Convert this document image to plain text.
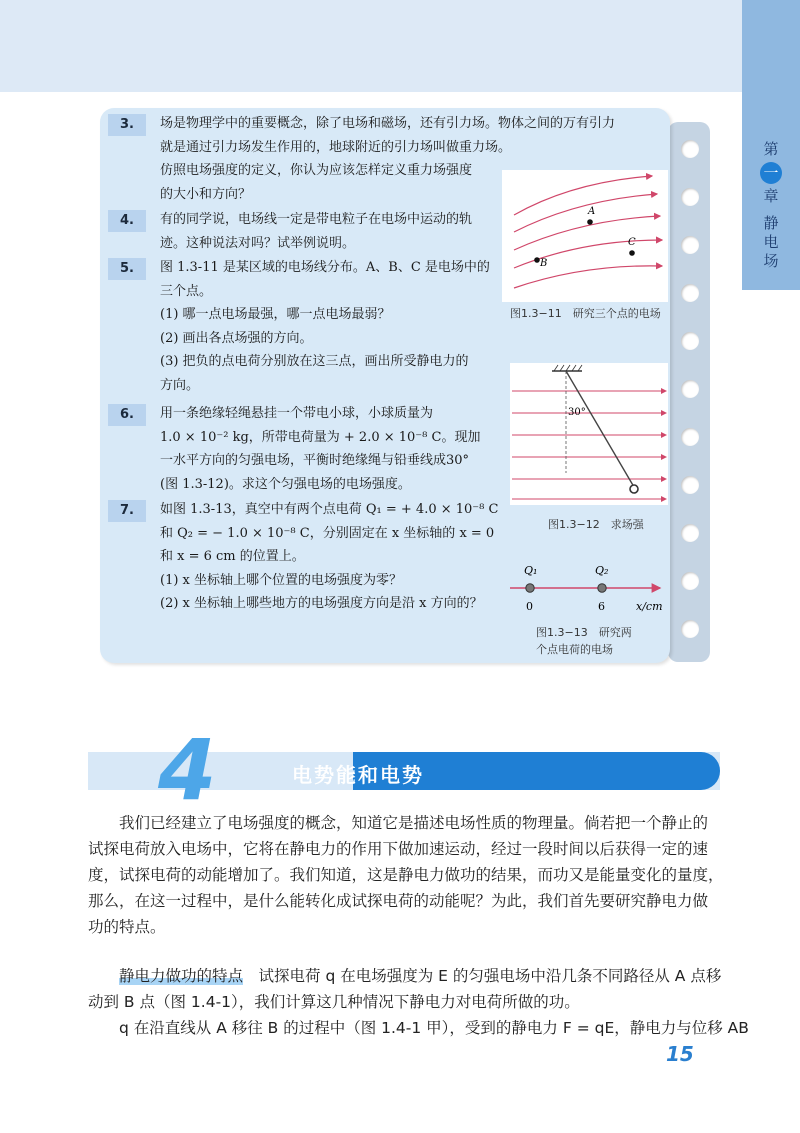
第
一
章
静
电
场
3.	场是物理学中的重要概念，除了电场和磁场，还有引力场。物体之间的万有引力
就是通过引力场发生作用的，地球附近的引力场叫做重力场。
仿照电场强度的定义，你认为应该怎样定义重力场强度
的大小和方向？
4.	有的同学说，电场线一定是带电粒子在电场中运动的轨
迹。这种说法对吗？试举例说明。
5.	图 1.3-11 是某区域的电场线分布。A、B、C 是电场中的
三个点。
(1) 哪一点电场最强，哪一点电场最弱？
(2) 画出各点场强的方向。
(3) 把负的点电荷分别放在这三点，画出所受静电力的
方向。
6.	用一条绝缘轻绳悬挂一个带电小球，小球质量为
1.0 × 10⁻² kg，所带电荷量为 + 2.0 × 10⁻⁸ C。现加
一水平方向的匀强电场，平衡时绝缘绳与铅垂线成30°
(图 1.3-12)。求这个匀强电场的电场强度。
7.	如图 1.3-13，真空中有两个点电荷 Q₁ = + 4.0 × 10⁻⁸ C
和 Q₂ = − 1.0 × 10⁻⁸ C，分别固定在 x 坐标轴的 x = 0
和 x = 6 cm 的位置上。
(1) x 坐标轴上哪个位置的电场强度为零？
(2) x 坐标轴上哪些地方的电场强度方向是沿 x 方向的？
A
B
C
图1.3−11　研究三个点的电场
30°
图1.3−12　求场强
Q₁	Q₂
0	6	x/cm
图1.3−13　研究两
个点电荷的电场
4	电势能和电势
我们已经建立了电场强度的概念，知道它是描述电场性质的物理量。倘若把一个静止的
试探电荷放入电场中，它将在静电力的作用下做加速运动，经过一段时间以后获得一定的速
度，试探电荷的动能增加了。我们知道，这是静电力做功的结果，而功又是能量变化的量度，
那么，在这一过程中，是什么能转化成试探电荷的动能呢？为此，我们首先要研究静电力做
功的特点。
静电力做功的特点　试探电荷 q 在电场强度为 E 的匀强电场中沿几条不同路径从 A 点移
动到 B 点（图 1.4-1），我们计算这几种情况下静电力对电荷所做的功。
q 在沿直线从 A 移往 B 的过程中（图 1.4-1 甲），受到的静电力 F = qE，静电力与位移 AB
15
